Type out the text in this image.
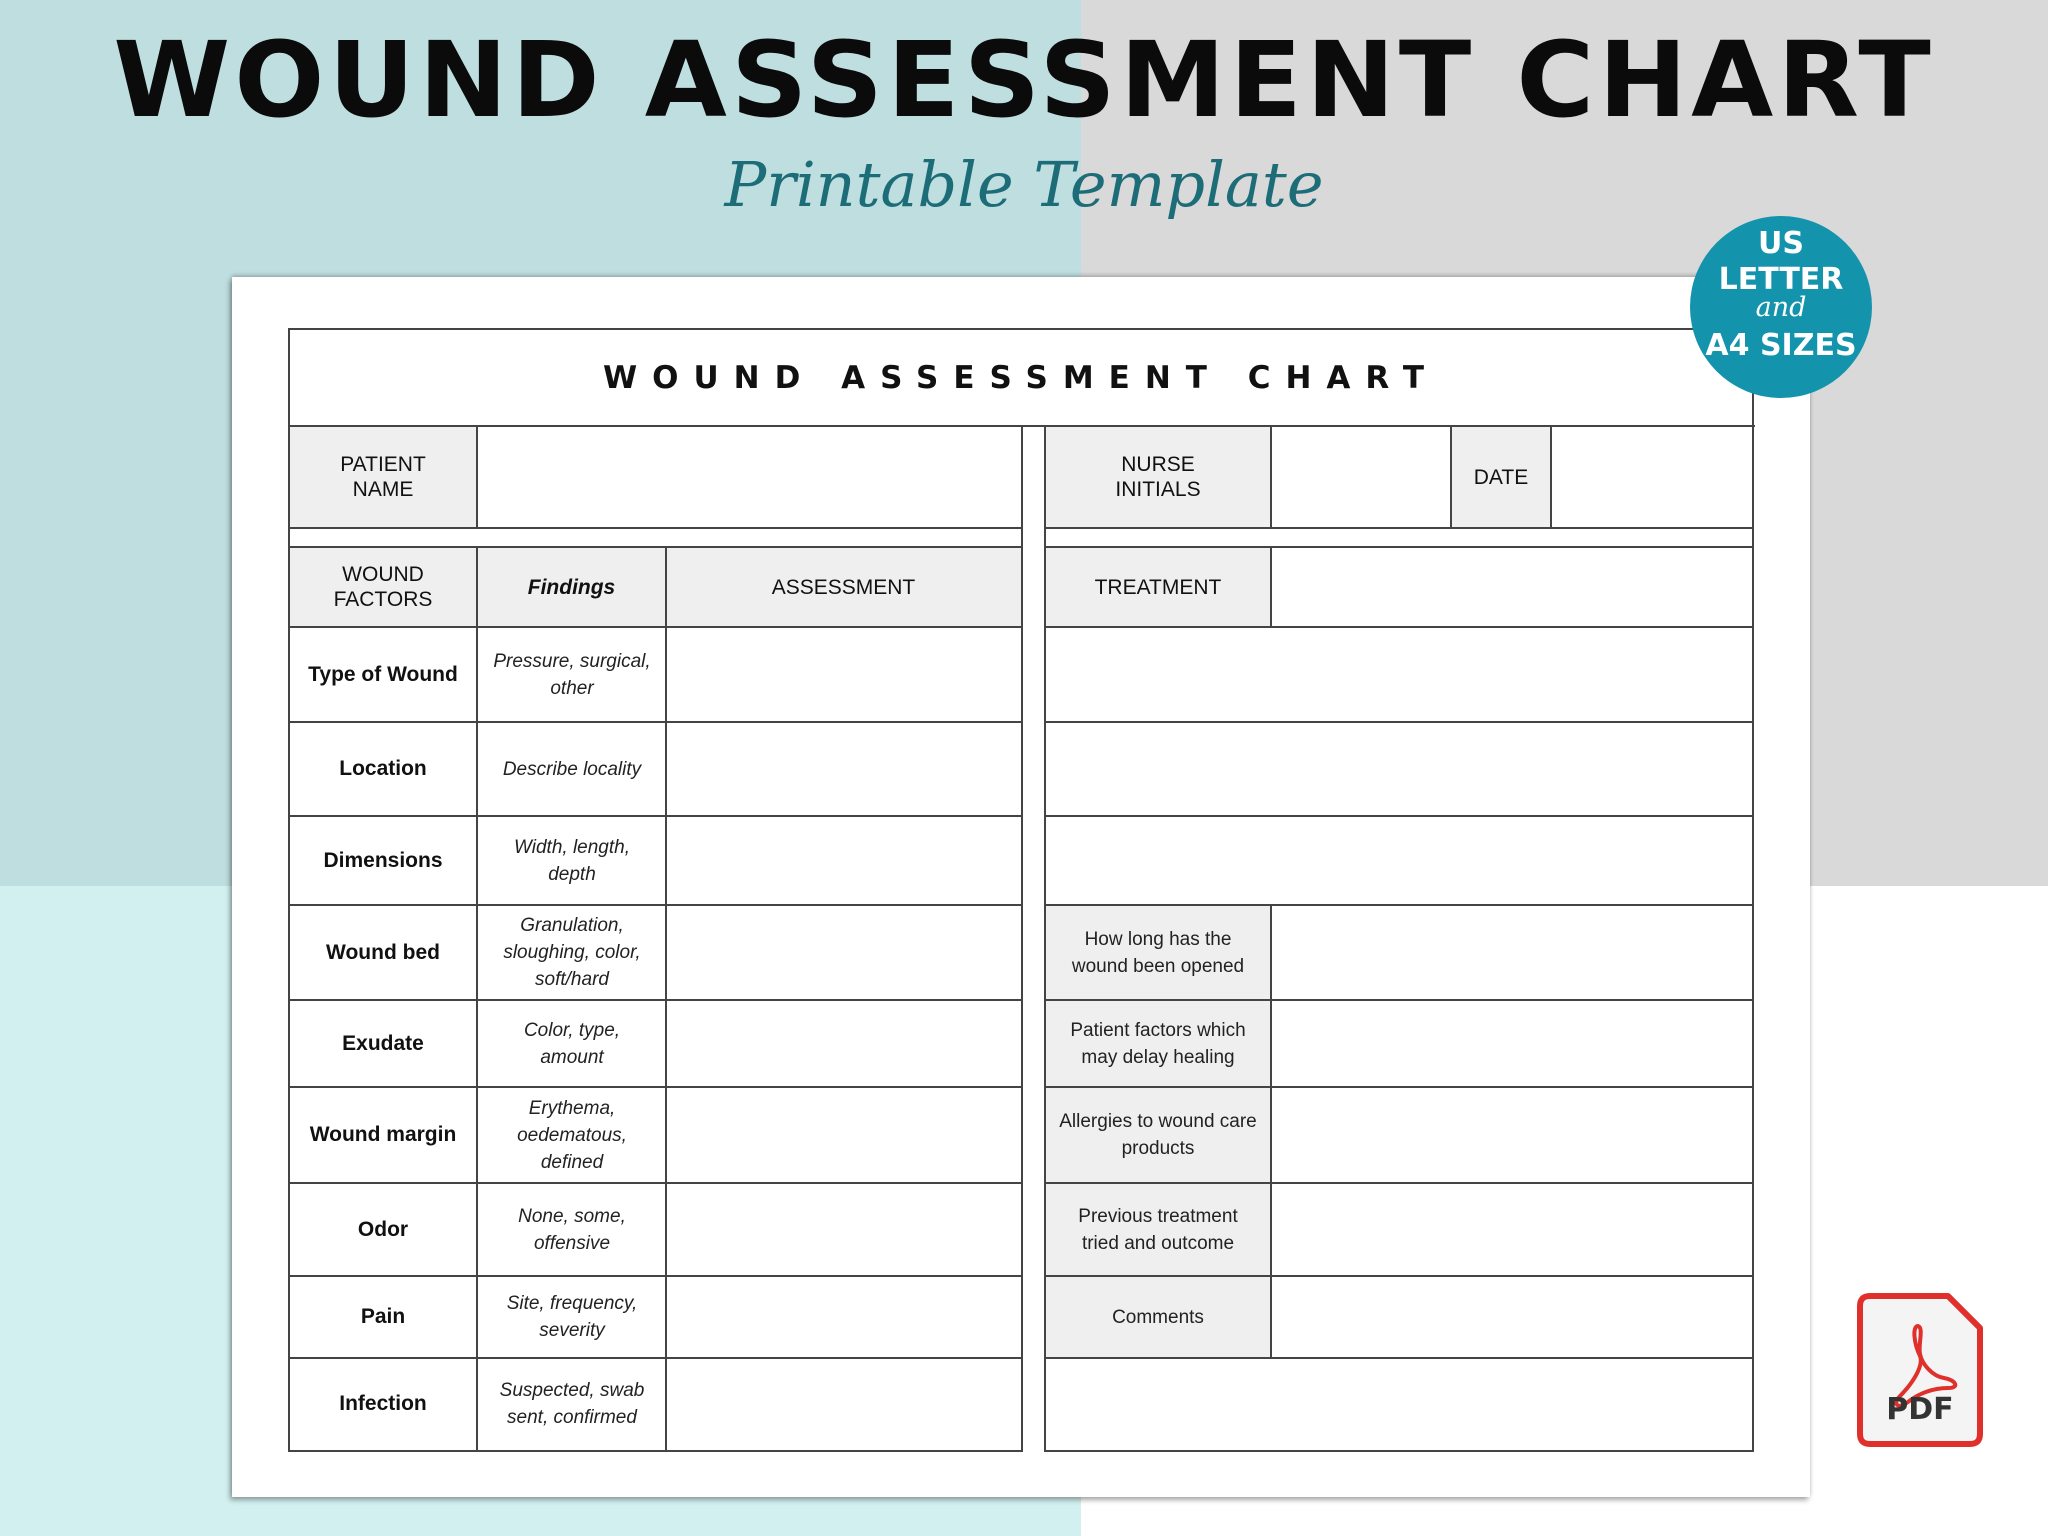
WOUND ASSESSMENT CHART
Printable Template
WOUND ASSESSMENT CHART
PATIENT NAME
WOUND FACTORS
Findings	ASSESSMENT
Type of Wound
Pressure, surgical, other
Location	Describe locality
Dimensions
Width, length, depth
Wound bed
Granulation, sloughing, color, soft/hard
Exudate
Color, type, amount
Wound margin
Erythema, oedematous, defined
Odor
None, some, offensive
Pain
Site, frequency, severity
Infection
Suspected, swab sent, confirmed
NURSE INITIALS
DATE
TREATMENT
How long has the wound been opened
Patient factors which may delay healing
Allergies to wound care products
Previous treatment tried and outcome
Comments
US
LETTER
and
A4 SIZES
PDF
